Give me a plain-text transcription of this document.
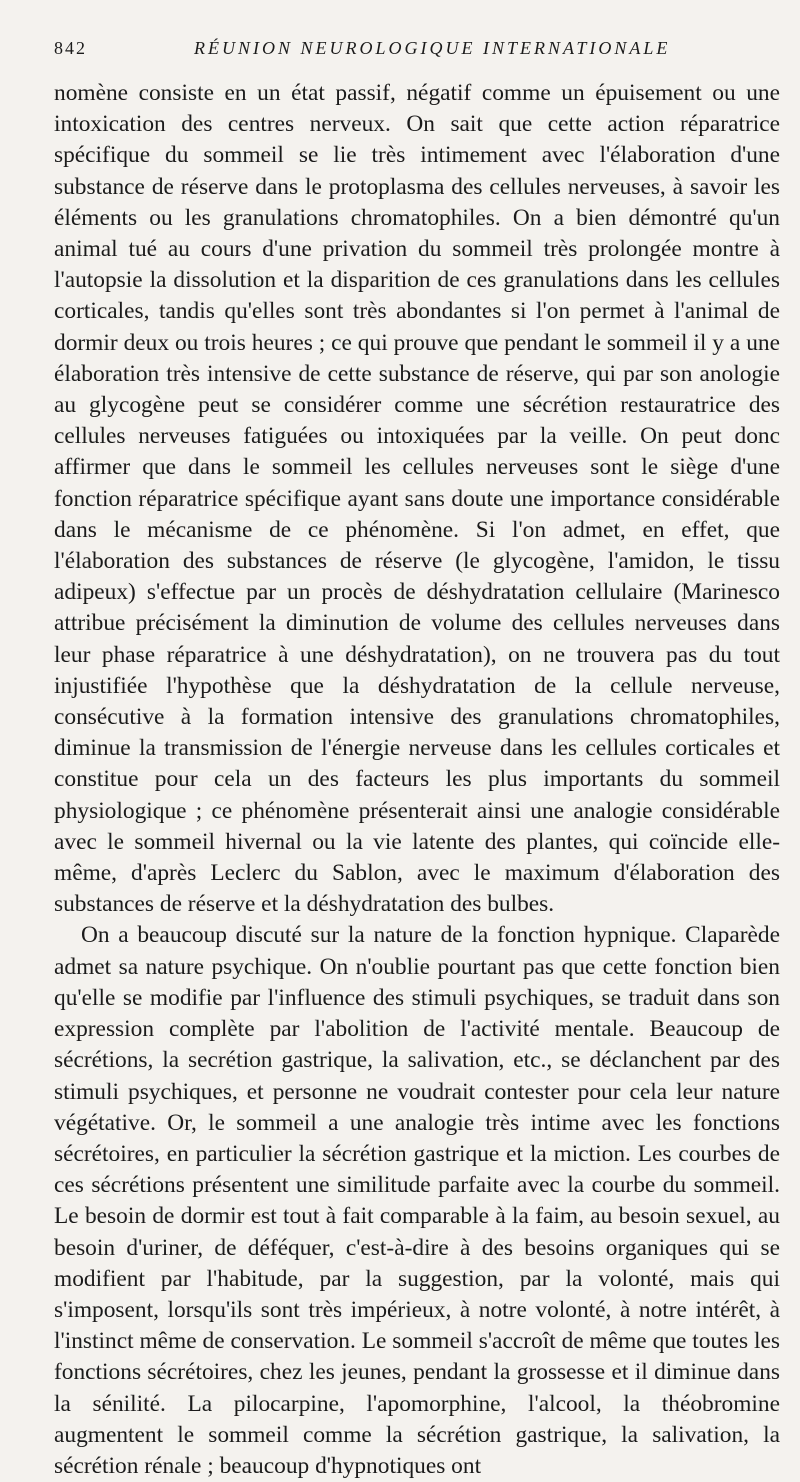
842	RÉUNION NEUROLOGIQUE INTERNATIONALE

nomène consiste en un état passif, négatif comme un épuisement ou une intoxication des centres nerveux. On sait que cette action réparatrice spécifique du sommeil se lie très intimement avec l'élaboration d'une substance de réserve dans le protoplasma des cellules nerveuses, à savoir les éléments ou les granulations chromatophiles. On a bien démontré qu'un animal tué au cours d'une privation du sommeil très prolongée montre à l'autopsie la dissolution et la disparition de ces granulations dans les cellules corticales, tandis qu'elles sont très abondantes si l'on permet à l'animal de dormir deux ou trois heures ; ce qui prouve que pendant le sommeil il y a une élaboration très intensive de cette substance de réserve, qui par son anologie au glycogène peut se considérer comme une sécrétion restauratrice des cellules nerveuses fatiguées ou intoxiquées par la veille. On peut donc affirmer que dans le sommeil les cellules nerveuses sont le siège d'une fonction réparatrice spécifique ayant sans doute une importance considérable dans le mécanisme de ce phénomène. Si l'on admet, en effet, que l'élaboration des substances de réserve (le glycogène, l'amidon, le tissu adipeux) s'effectue par un procès de déshydratation cellulaire (Marinesco attribue précisément la diminution de volume des cellules nerveuses dans leur phase réparatrice à une déshydratation), on ne trouvera pas du tout injustifiée l'hypothèse que la déshydratation de la cellule nerveuse, consécutive à la formation intensive des granulations chromatophiles, diminue la transmission de l'énergie nerveuse dans les cellules corticales et constitue pour cela un des facteurs les plus importants du sommeil physiologique ; ce phénomène présenterait ainsi une analogie considérable avec le sommeil hivernal ou la vie latente des plantes, qui coïncide elle-même, d'après Leclerc du Sablon, avec le maximum d'élaboration des substances de réserve et la déshydratation des bulbes.

On a beaucoup discuté sur la nature de la fonction hypnique. Claparède admet sa nature psychique. On n'oublie pourtant pas que cette fonction bien qu'elle se modifie par l'influence des stimuli psychiques, se traduit dans son expression complète par l'abolition de l'activité mentale. Beaucoup de sécrétions, la secrétion gastrique, la salivation, etc., se déclanchent par des stimuli psychiques, et personne ne voudrait contester pour cela leur nature végétative. Or, le sommeil a une analogie très intime avec les fonctions sécrétoires, en particulier la sécrétion gastrique et la miction. Les courbes de ces sécrétions présentent une similitude parfaite avec la courbe du sommeil. Le besoin de dormir est tout à fait comparable à la faim, au besoin sexuel, au besoin d'uriner, de déféquer, c'est-à-dire à des besoins organiques qui se modifient par l'habitude, par la suggestion, par la volonté, mais qui s'imposent, lorsqu'ils sont très impérieux, à notre volonté, à notre intérêt, à l'instinct même de conservation. Le sommeil s'accroît de même que toutes les fonctions sécrétoires, chez les jeunes, pendant la grossesse et il diminue dans la sénilité. La pilocarpine, l'apomorphine, l'alcool, la théobromine augmentent le sommeil comme la sécrétion gastrique, la salivation, la sécrétion rénale ; beaucoup d'hypnotiques ont
